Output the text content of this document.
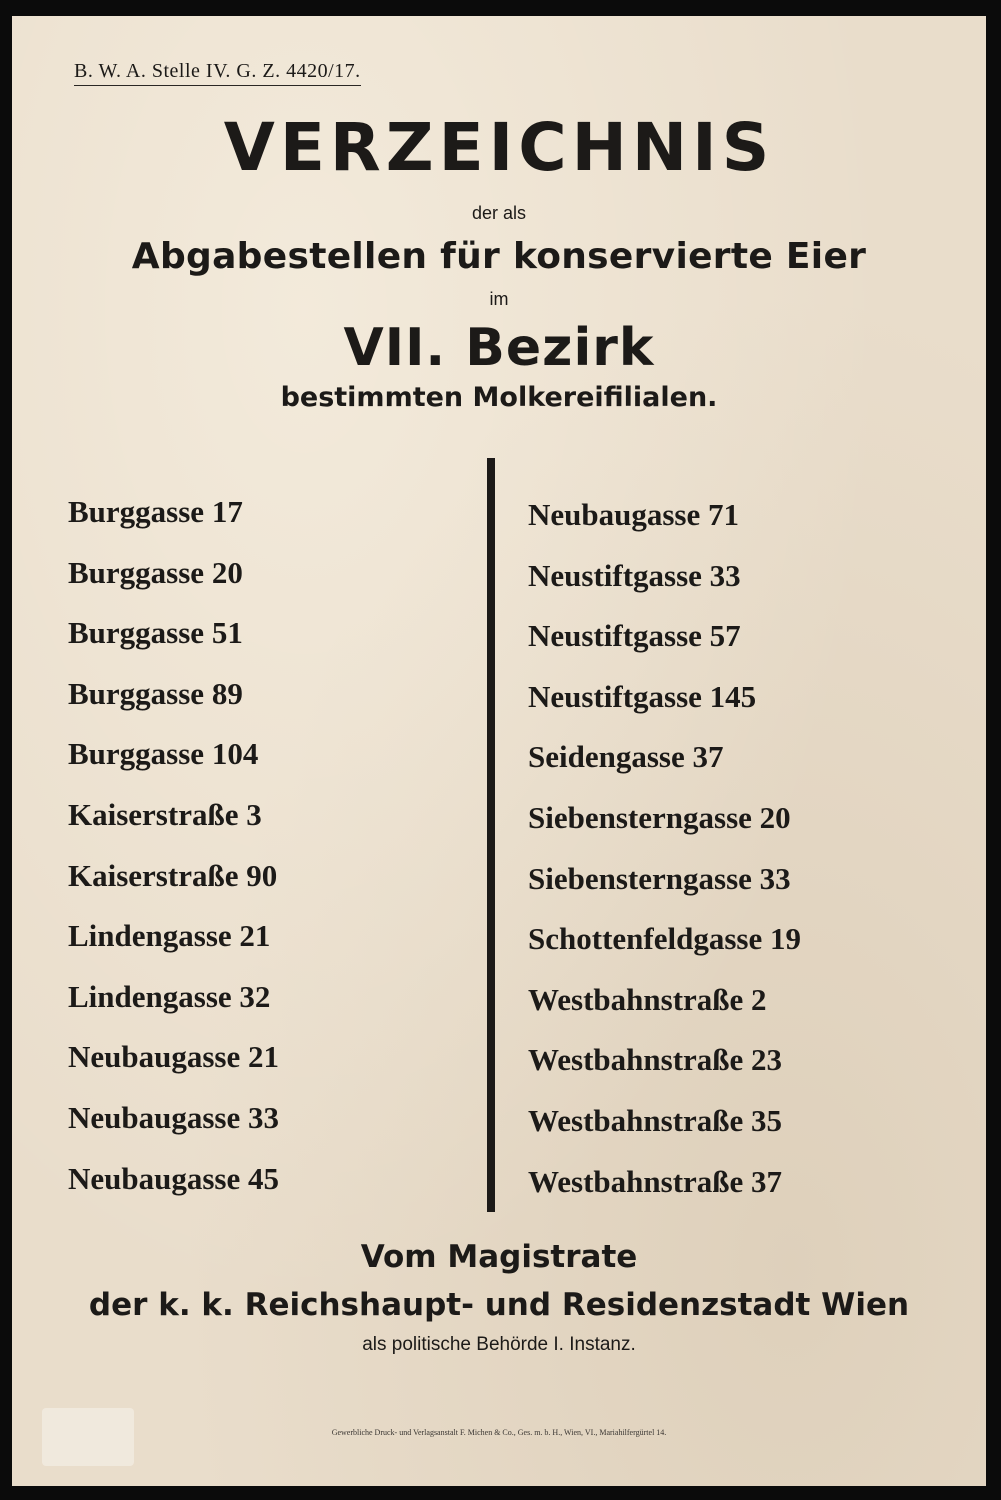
B. W. A. Stelle IV. G. Z. 4420/17.
VERZEICHNIS
der als
Abgabestellen für konservierte Eier
im
VII. Bezirk
bestimmten Molkereifilialen.
Burggasse 17
Burggasse 20
Burggasse 51
Burggasse 89
Burggasse 104
Kaiserstraße 3
Kaiserstraße 90
Lindengasse 21
Lindengasse 32
Neubaugasse 21
Neubaugasse 33
Neubaugasse 45
Neubaugasse 71
Neustiftgasse 33
Neustiftgasse 57
Neustiftgasse 145
Seidengasse 37
Siebensterngasse 20
Siebensterngasse 33
Schottenfeldgasse 19
Westbahnstraße 2
Westbahnstraße 23
Westbahnstraße 35
Westbahnstraße 37
Vom Magistrate
der k. k. Reichshaupt- und Residenzstadt Wien
als politische Behörde I. Instanz.
Gewerbliche Druck- und Verlagsanstalt F. Michen & Co., Ges. m. b. H., Wien, VI., Mariahilfergürtel 14.
